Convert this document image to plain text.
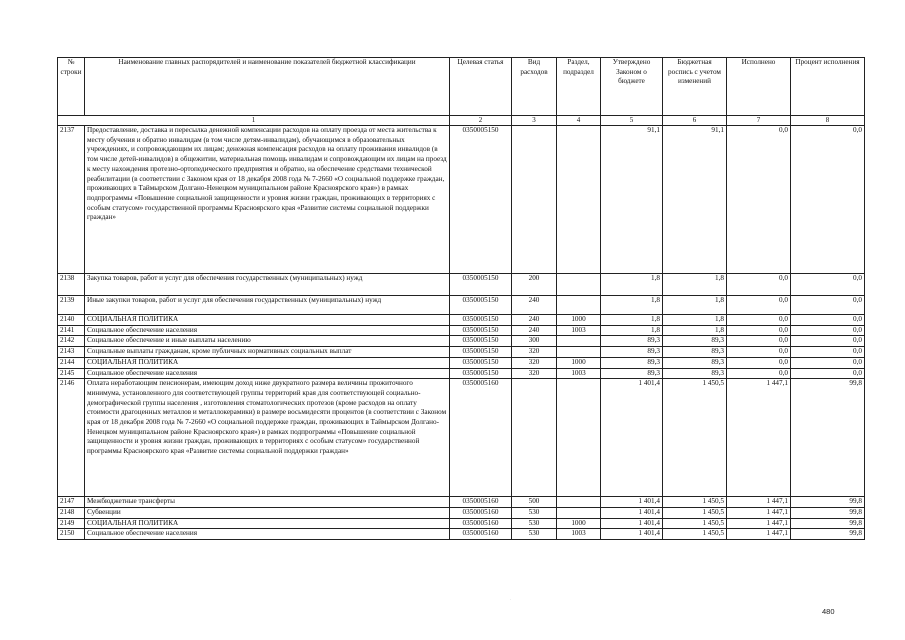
№ строки	Наименование главных распорядителей и наименование показателей бюджетной классификации	Целевая статья	Вид расходов	Раздел, подраздел	Утверждено Законом о бюджете	Бюджетная роспись с учетом изменений	Исполнено	Процент исполнения
1		2	3	4	5	6	7	8
2137	Предоставление, доставка и пересылка денежной компенсации расходов на оплату проезда от места жительства к месту обучения и обратно инвалидам (в том числе детям-инвалидам), обучающимся в образовательных учреждениях, и сопровождающим их лицам; денежная компенсация расходов на оплату проживания инвалидов (в том числе детей-инвалидов) в общежитии, материальная помощь инвалидам и сопровождающим их лицам на проезд к месту нахождения протезно-ортопедического предприятия и обратно, на обеспечение средствами технической реабилитации (в соответствии с Законом края от 18 декабря 2008 года № 7-2660 «О социальной поддержке граждан, проживающих в Таймырском Долгано-Ненецком муниципальном районе Красноярского края») в рамках подпрограммы «Повышение социальной защищенности и уровня жизни граждан, проживающих в территориях с особым статусом» государственной программы Красноярского края «Развитие системы социальной поддержки граждан»	0350005150			91,1	91,1	0,0	0,0
2138	Закупка товаров, работ и услуг для обеспечения государственных (муниципальных) нужд	0350005150	200		1,8	1,8	0,0	0,0
2139	Иные закупки товаров, работ и услуг для обеспечения государственных (муниципальных) нужд	0350005150	240		1,8	1,8	0,0	0,0
2140	СОЦИАЛЬНАЯ ПОЛИТИКА	0350005150	240	1000	1,8	1,8	0,0	0,0
2141	Социальное обеспечение населения	0350005150	240	1003	1,8	1,8	0,0	0,0
2142	Социальное обеспечение и иные выплаты населению	0350005150	300		89,3	89,3	0,0	0,0
2143	Социальные выплаты гражданам, кроме публичных нормативных социальных выплат	0350005150	320		89,3	89,3	0,0	0,0
2144	СОЦИАЛЬНАЯ ПОЛИТИКА	0350005150	320	1000	89,3	89,3	0,0	0,0
2145	Социальное обеспечение населения	0350005150	320	1003	89,3	89,3	0,0	0,0
2146	Оплата неработающим пенсионерам, имеющим доход ниже двукратного размера величины прожиточного минимума, установленного для соответствующей группы территорий края для соответствующей социально-демографической группы населения , изготовления стоматологических протезов (кроме расходов на оплату стоимости драгоценных металлов и металлокерамики) в размере восьмидесяти процентов (в соответствии с Законом края от 18 декабря 2008 года № 7-2660 «О социальной поддержке граждан, проживающих в Таймырском Долгано-Ненецком муниципальном районе Красноярского края») в рамках подпрограммы «Повышение социальной защищенности и уровня жизни граждан, проживающих в территориях с особым статусом» государственной программы Красноярского края «Развитие системы социальной поддержки граждан»	0350005160			1 401,4	1 450,5	1 447,1	99,8
2147	Межбюджетные трансферты	0350005160	500		1 401,4	1 450,5	1 447,1	99,8
2148	Субвенции	0350005160	530		1 401,4	1 450,5	1 447,1	99,8
2149	СОЦИАЛЬНАЯ ПОЛИТИКА	0350005160	530	1000	1 401,4	1 450,5	1 447,1	99,8
2150	Социальное обеспечение населения	0350005160	530	1003	1 401,4	1 450,5	1 447,1	99,8
·
480
